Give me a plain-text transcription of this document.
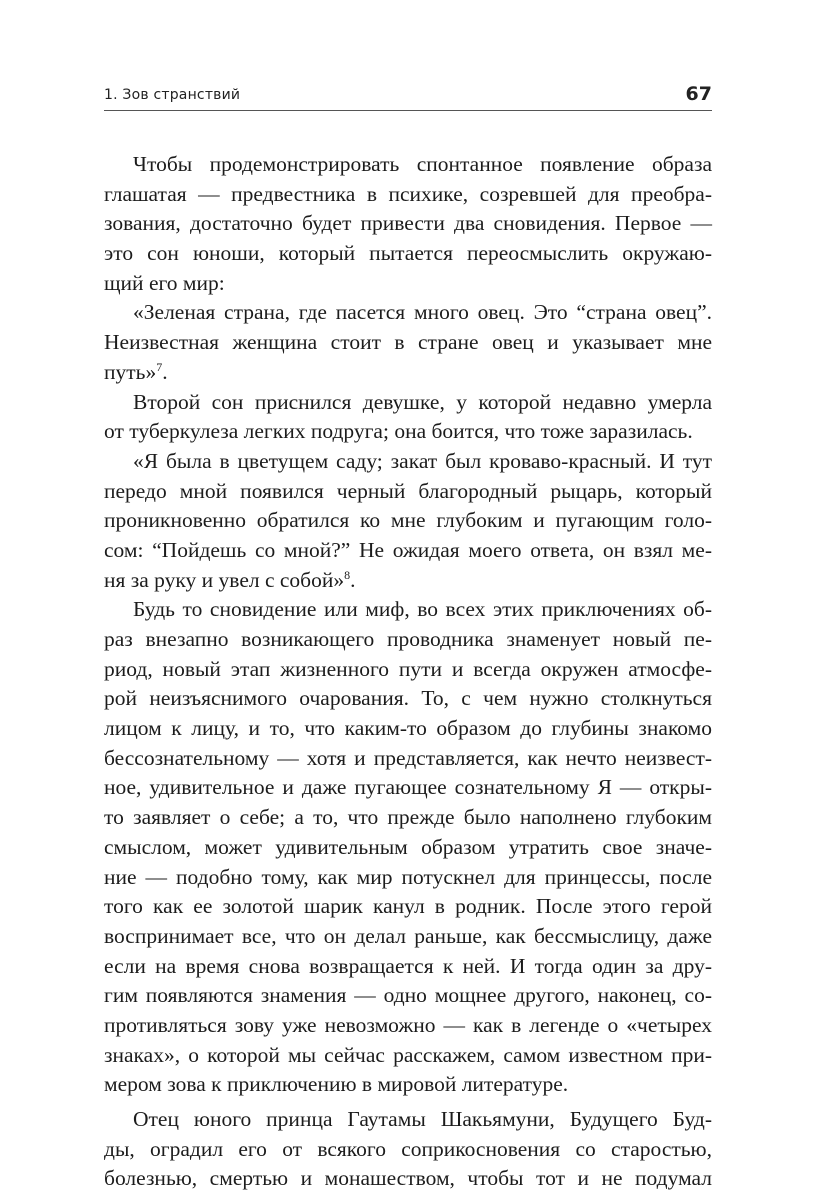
1. Зов странствий	67
Чтобы продемонстрировать спонтанное появление образа
глашатая — предвестника в психике, созревшей для преобра-
зования, достаточно будет привести два сновидения. Первое —
это сон юноши, который пытается переосмыслить окружаю-
щий его мир:
«Зеленая страна, где пасется много овец. Это “страна овец”.
Неизвестная женщина стоит в стране овец и указывает мне
путь»$^7$.
Второй сон приснился девушке, у которой недавно умерла
от туберкулеза легких подруга; она боится, что тоже заразилась.
«Я была в цветущем саду; закат был кроваво-красный. И тут
передо мной появился черный благородный рыцарь, который
проникновенно обратился ко мне глубоким и пугающим голо-
сом: “Пойдешь со мной?” Не ожидая моего ответа, он взял ме-
ня за руку и увел с собой»$^8$.
Будь то сновидение или миф, во всех этих приключениях об-
раз внезапно возникающего проводника знаменует новый пе-
риод, новый этап жизненного пути и всегда окружен атмосфе-
рой неизъяснимого очарования. То, с чем нужно столкнуться
лицом к лицу, и то, что каким-то образом до глубины знакомо
бессознательному — хотя и представляется, как нечто неизвест-
ное, удивительное и даже пугающее сознательному Я — откры-
то заявляет о себе; а то, что прежде было наполнено глубоким
смыслом, может удивительным образом утратить свое значе-
ние — подобно тому, как мир потускнел для принцессы, после
того как ее золотой шарик канул в родник. После этого герой
воспринимает все, что он делал раньше, как бессмыслицу, даже
если на время снова возвращается к ней. И тогда один за дру-
гим появляются знамения — одно мощнее другого, наконец, со-
противляться зову уже невозможно — как в легенде о «четырех
знаках», о которой мы сейчас расскажем, самом известном при-
мером зова к приключению в мировой литературе.
Отец юного принца Гаутамы Шакьямуни, Будущего Буд-
ды, оградил его от всякого соприкосновения со старостью,
болезнью, смертью и монашеством, чтобы тот и не подумал
